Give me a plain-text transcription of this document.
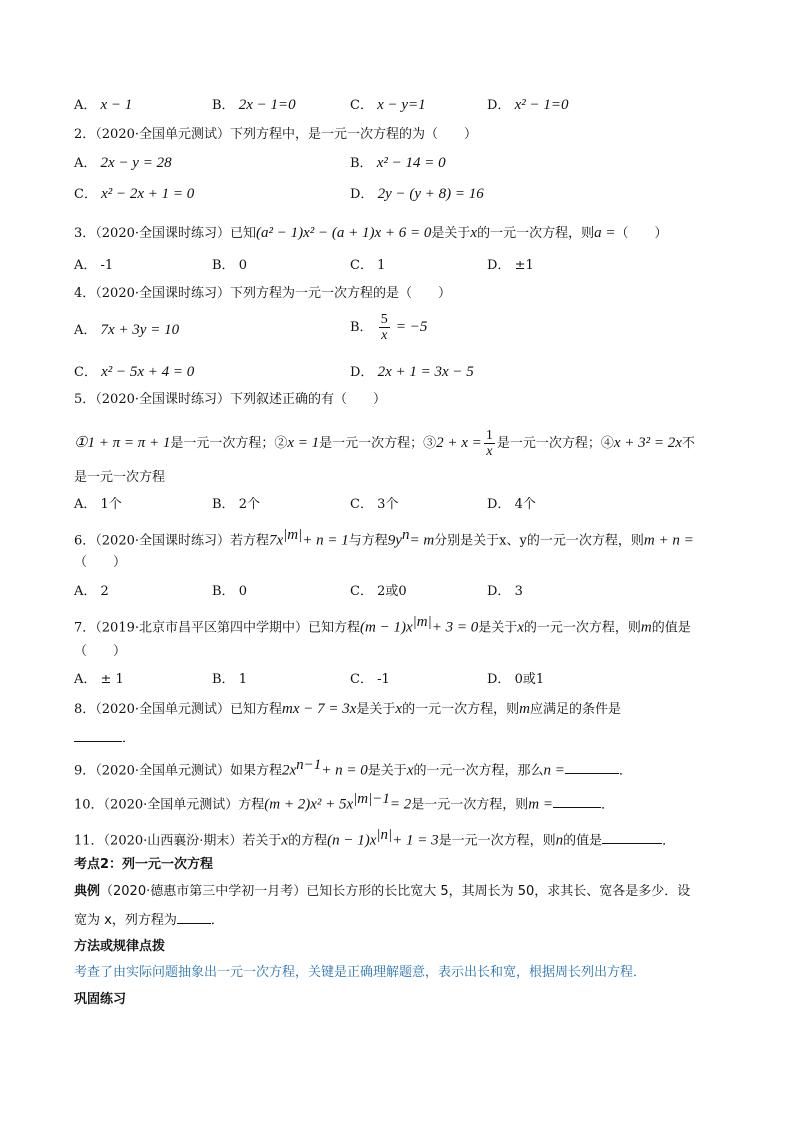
A． x − 1	B． 2x − 1=0	C． x − y=1	D． x² − 1=0
2．（2020·全国单元测试）下列方程中，是一元一次方程的为（　　）
A． 2x − y = 28	B． x² − 14 = 0
C． x² − 2x + 1 = 0	D． 2y − (y + 8) = 16
3．（2020·全国课时练习）已知(a² − 1)x² − (a + 1)x + 6 = 0是关于x的一元一次方程，则a =（　　）
A． -1	B． 0	C． 1	D． ±1
4．（2020·全国课时练习）下列方程为一元一次方程的是（　　）
A． 7x + 3y = 10	B． $\frac{5}{x} = -5$
C． x² − 5x + 4 = 0	D． 2x + 1 = 3x − 5
5．（2020·全国课时练习）下列叙述正确的有（　　）
①1 + π = π + 1是一元一次方程；②x = 1是一元一次方程；③2 + $x = \frac{1}{x}$ 是一元一次方程；④x + 3² = 2x不
是一元一次方程
A． 1个	B． 2个	C． 3个	D． 4个
6．（2020·全国课时练习）若方程$7x^{|m|}+ n = 1$与方程$9y^n= m$分别是关于x、y的一元一次方程，则m + n =
（　　）
A． 2	B． 0	C． 2或0	D． 3
7．（2019·北京市昌平区第四中学期中）已知方程$(m - 1)x^{|m|}+ 3 = 0$是关于x的一元一次方程，则m的值是
（　　）
A． ± 1	B． 1	C． -1	D． 0或1
8．（2020·全国单元测试）已知方程mx − 7 = 3x是关于x的一元一次方程，则m应满足的条件是
．
9．（2020·全国单元测试）如果方程$2x^{n-1}+ n = 0$是关于x的一元一次方程，那么n =	．
10．（2020·全国单元测试）方程$(m + 2)x^2 + 5x^{|m|-1}= 2$是一元一次方程，则m =	．
11．（2020·山西襄汾·期末）若关于x的方程$(n - 1)x^{|n|}+ 1 = 3$是一元一次方程，则n的值是	．
考点2：列一元一次方程
典例（2020·德惠市第三中学初一月考）已知长方形的长比宽大 5，其周长为 50，求其长、宽各是多少．设
宽为 x，列方程为	．
方法或规律点拨
考查了由实际问题抽象出一元一次方程，关键是正确理解题意，表示出长和宽，根据周长列出方程．
巩固练习
